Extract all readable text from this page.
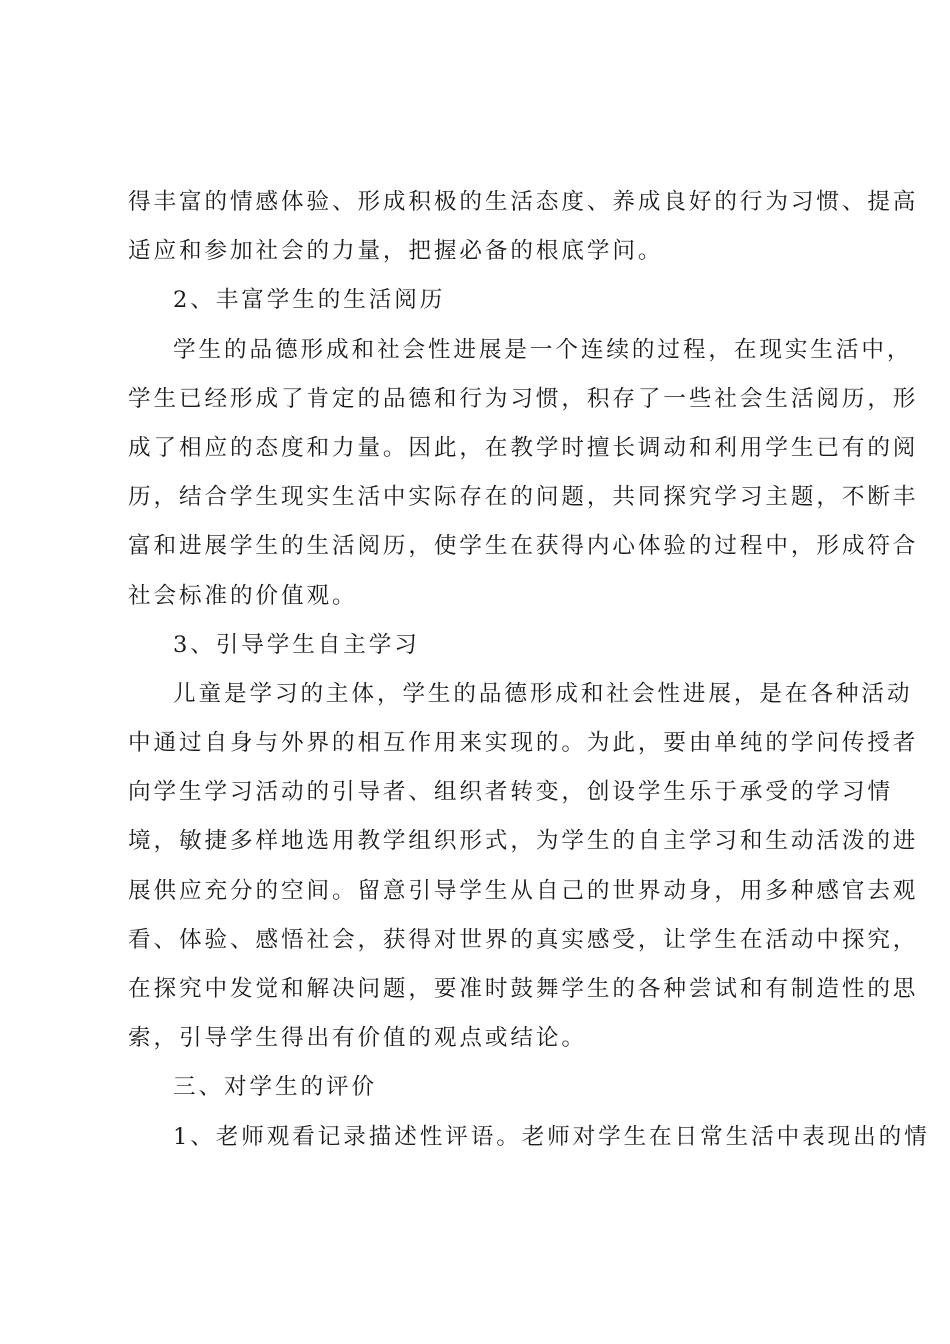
得丰富的情感体验、形成积极的生活态度、养成良好的行为习惯、提高
适应和参加社会的力量，把握必备的根底学问。
2、丰富学生的生活阅历
学生的品德形成和社会性进展是一个连续的过程，在现实生活中，
学生已经形成了肯定的品德和行为习惯，积存了一些社会生活阅历，形
成了相应的态度和力量。因此，在教学时擅长调动和利用学生已有的阅
历，结合学生现实生活中实际存在的问题，共同探究学习主题，不断丰
富和进展学生的生活阅历，使学生在获得内心体验的过程中，形成符合
社会标准的价值观。
3、引导学生自主学习
儿童是学习的主体，学生的品德形成和社会性进展，是在各种活动
中通过自身与外界的相互作用来实现的。为此，要由单纯的学问传授者
向学生学习活动的引导者、组织者转变，创设学生乐于承受的学习情
境，敏捷多样地选用教学组织形式，为学生的自主学习和生动活泼的进
展供应充分的空间。留意引导学生从自己的世界动身，用多种感官去观
看、体验、感悟社会，获得对世界的真实感受，让学生在活动中探究，
在探究中发觉和解决问题，要准时鼓舞学生的各种尝试和有制造性的思
索，引导学生得出有价值的观点或结论。
三、对学生的评价
1、老师观看记录描述性评语。老师对学生在日常生活中表现出的情
